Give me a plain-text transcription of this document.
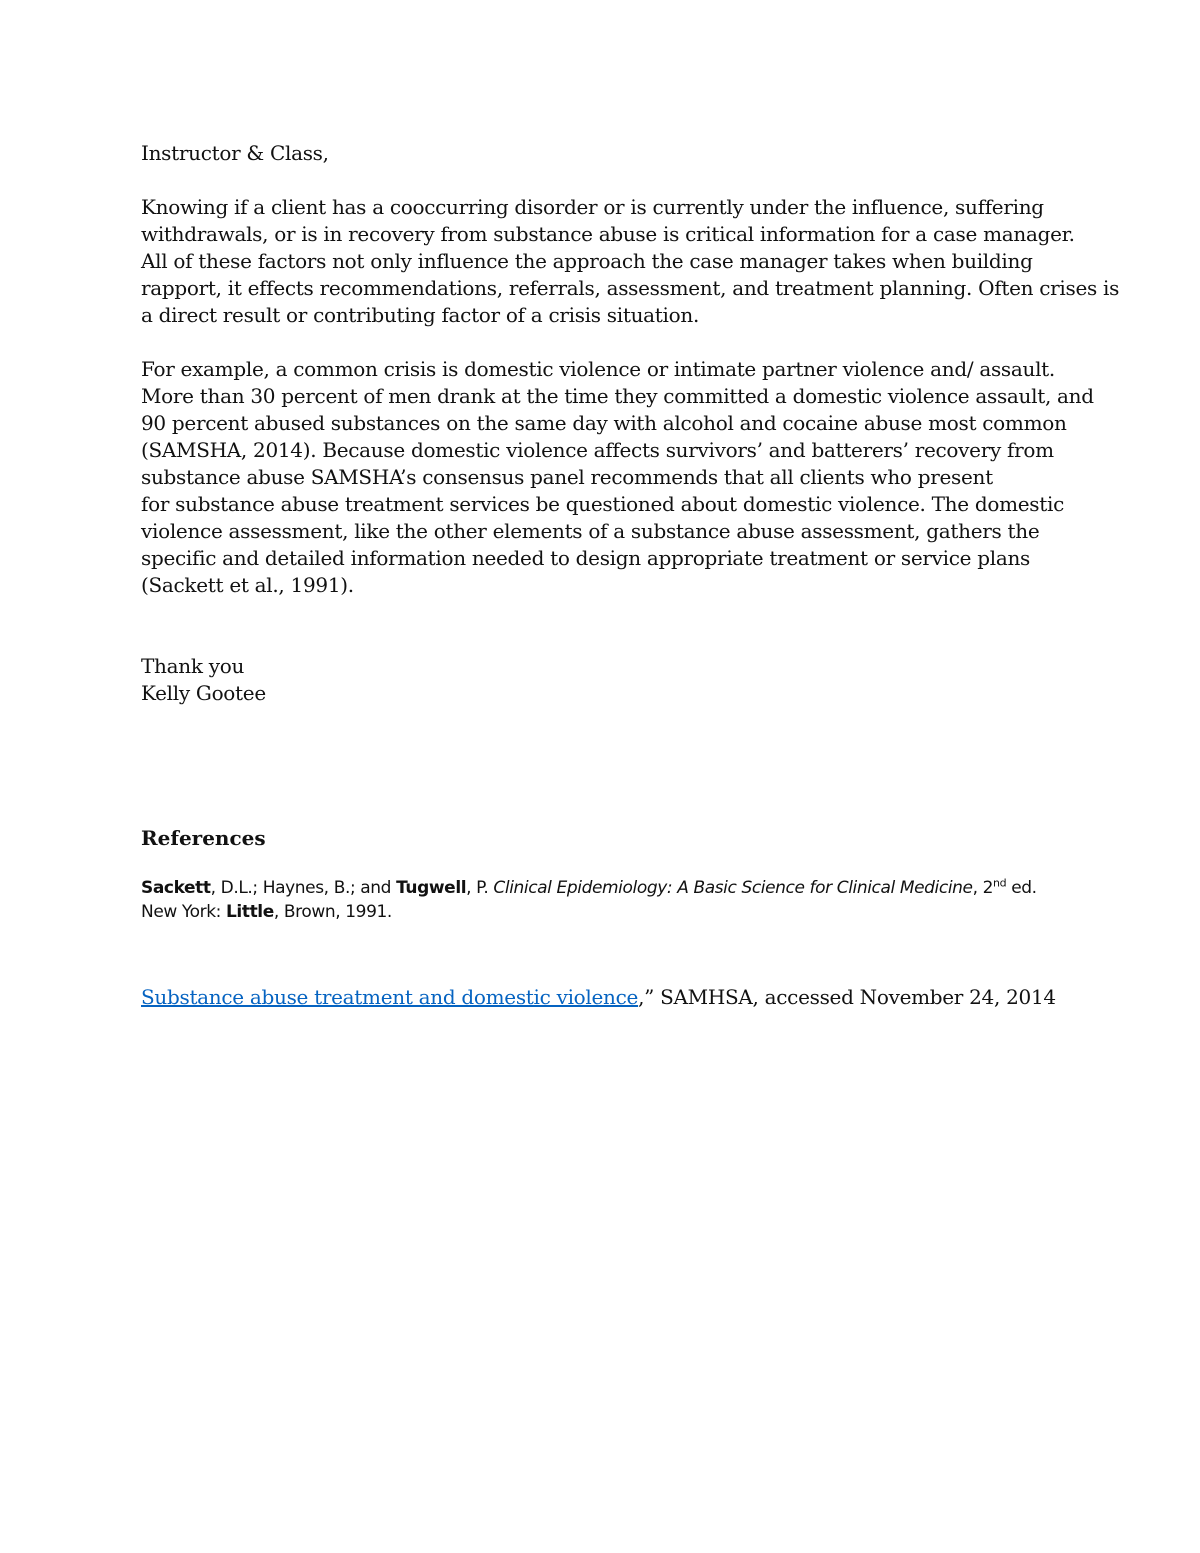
Instructor & Class,

Knowing if a client has a cooccurring disorder or is currently under the influence, suffering
withdrawals, or is in recovery from substance abuse is critical information for a case manager.
All of these factors not only influence the approach the case manager takes when building
rapport, it effects recommendations, referrals, assessment, and treatment planning. Often crises is
a direct result or contributing factor of a crisis situation.

For example, a common crisis is domestic violence or intimate partner violence and/ assault.
More than 30 percent of men drank at the time they committed a domestic violence assault, and
90 percent abused substances on the same day with alcohol and cocaine abuse most common
(SAMSHA, 2014). Because domestic violence affects survivors’ and batterers’ recovery from
substance abuse SAMSHA’s consensus panel recommends that all clients who present
for substance abuse treatment services be questioned about domestic violence. The domestic
violence assessment, like the other elements of a substance abuse assessment, gathers the
specific and detailed information needed to design appropriate treatment or service plans
(Sackett et al., 1991).

Thank you
Kelly Gootee

References

Sackett, D.L.; Haynes, B.; and Tugwell, P. Clinical Epidemiology: A Basic Science for Clinical Medicine, 2nd ed.
New York: Little, Brown, 1991.

Substance abuse treatment and domestic violence,” SAMHSA, accessed November 24, 2014
